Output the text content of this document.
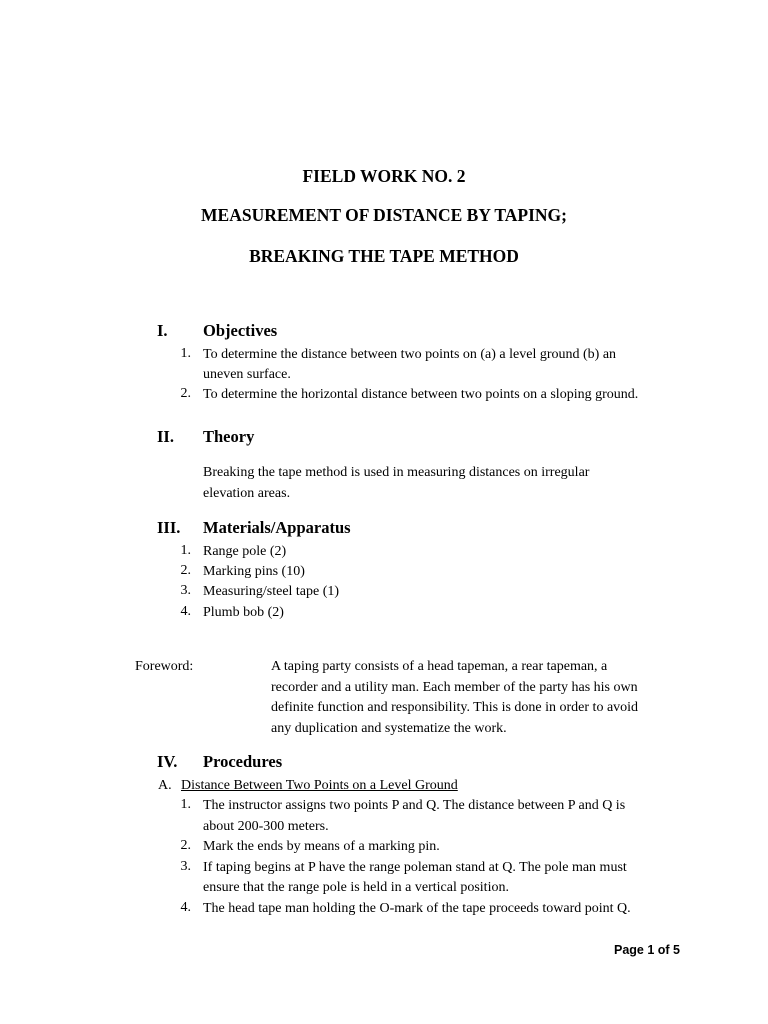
FIELD WORK NO. 2
MEASUREMENT OF DISTANCE BY TAPING;
BREAKING THE TAPE METHOD
I. Objectives
1. To determine the distance between two points on (a) a level ground (b) an
uneven surface.
2. To determine the horizontal distance between two points on a sloping ground.
II. Theory
Breaking the tape method is used in measuring distances on irregular
elevation areas.
III. Materials/Apparatus
1. Range pole (2)
2. Marking pins (10)
3. Measuring/steel tape (1)
4. Plumb bob (2)
Foreword:	A taping party consists of a head tapeman, a rear tapeman, a
recorder and a utility man. Each member of the party has his own
definite function and responsibility. This is done in order to avoid
any duplication and systematize the work.
IV. Procedures
A. Distance Between Two Points on a Level Ground
1. The instructor assigns two points P and Q. The distance between P and Q is
about 200-300 meters.
2. Mark the ends by means of a marking pin.
3. If taping begins at P have the range poleman stand at Q. The pole man must
ensure that the range pole is held in a vertical position.
4. The head tape man holding the O-mark of the tape proceeds toward point Q.
Page 1 of 5
